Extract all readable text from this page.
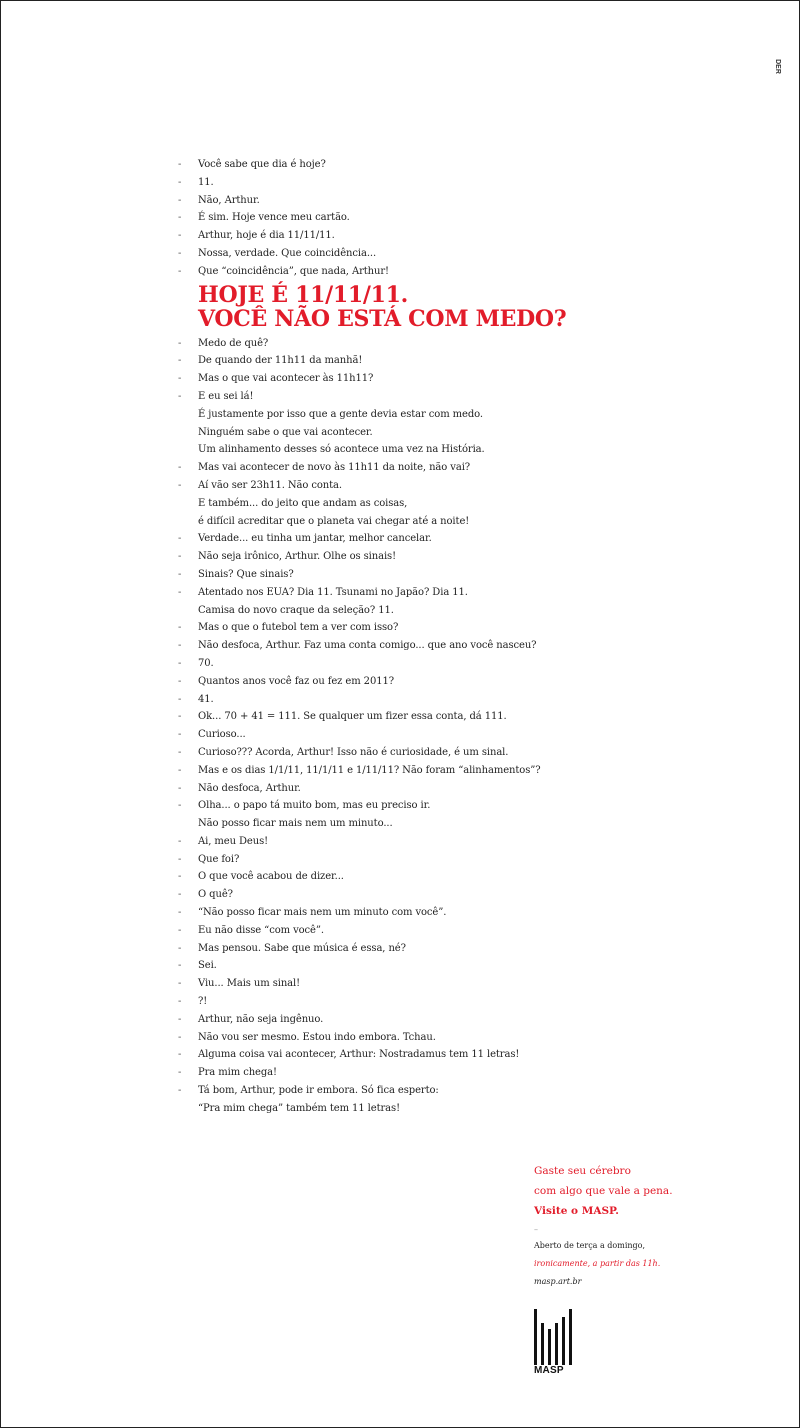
DER
- Você sabe que dia é hoje?
- 11.
- Não, Arthur.
- É sim. Hoje vence meu cartão.
- Arthur, hoje é dia 11/11/11.
- Nossa, verdade. Que coincidência...
- Que “coincidência”, que nada, Arthur!
HOJE É 11/11/11.
VOCÊ NÃO ESTÁ COM MEDO?
- Medo de quê?
- De quando der 11h11 da manhã!
- Mas o que vai acontecer às 11h11?
- E eu sei lá!
É justamente por isso que a gente devia estar com medo.
Ninguém sabe o que vai acontecer.
Um alinhamento desses só acontece uma vez na História.
- Mas vai acontecer de novo às 11h11 da noite, não vai?
- Aí vão ser 23h11. Não conta.
E também... do jeito que andam as coisas,
é difícil acreditar que o planeta vai chegar até a noite!
- Verdade... eu tinha um jantar, melhor cancelar.
- Não seja irônico, Arthur. Olhe os sinais!
- Sinais? Que sinais?
- Atentado nos EUA? Dia 11. Tsunami no Japão? Dia 11.
Camisa do novo craque da seleção? 11.
- Mas o que o futebol tem a ver com isso?
- Não desfoca, Arthur. Faz uma conta comigo... que ano você nasceu?
- 70.
- Quantos anos você faz ou fez em 2011?
- 41.
- Ok... 70 + 41 = 111. Se qualquer um fizer essa conta, dá 111.
- Curioso...
- Curioso??? Acorda, Arthur! Isso não é curiosidade, é um sinal.
- Mas e os dias 1/1/11, 11/1/11 e 1/11/11? Não foram “alinhamentos”?
- Não desfoca, Arthur.
- Olha... o papo tá muito bom, mas eu preciso ir.
Não posso ficar mais nem um minuto...
- Ai, meu Deus!
- Que foi?
- O que você acabou de dizer...
- O quê?
- “Não posso ficar mais nem um minuto com você”.
- Eu não disse “com você”.
- Mas pensou. Sabe que música é essa, né?
- Sei.
- Viu... Mais um sinal!
- ?!
- Arthur, não seja ingênuo.
- Não vou ser mesmo. Estou indo embora. Tchau.
- Alguma coisa vai acontecer, Arthur: Nostradamus tem 11 letras!
- Pra mim chega!
- Tá bom, Arthur, pode ir embora. Só fica esperto:
“Pra mim chega” também tem 11 letras!
Gaste seu cérebro
com algo que vale a pena.
Visite o MASP.
–
Aberto de terça a domingo,
ironicamente, a partir das 11h.
masp.art.br
MASP
